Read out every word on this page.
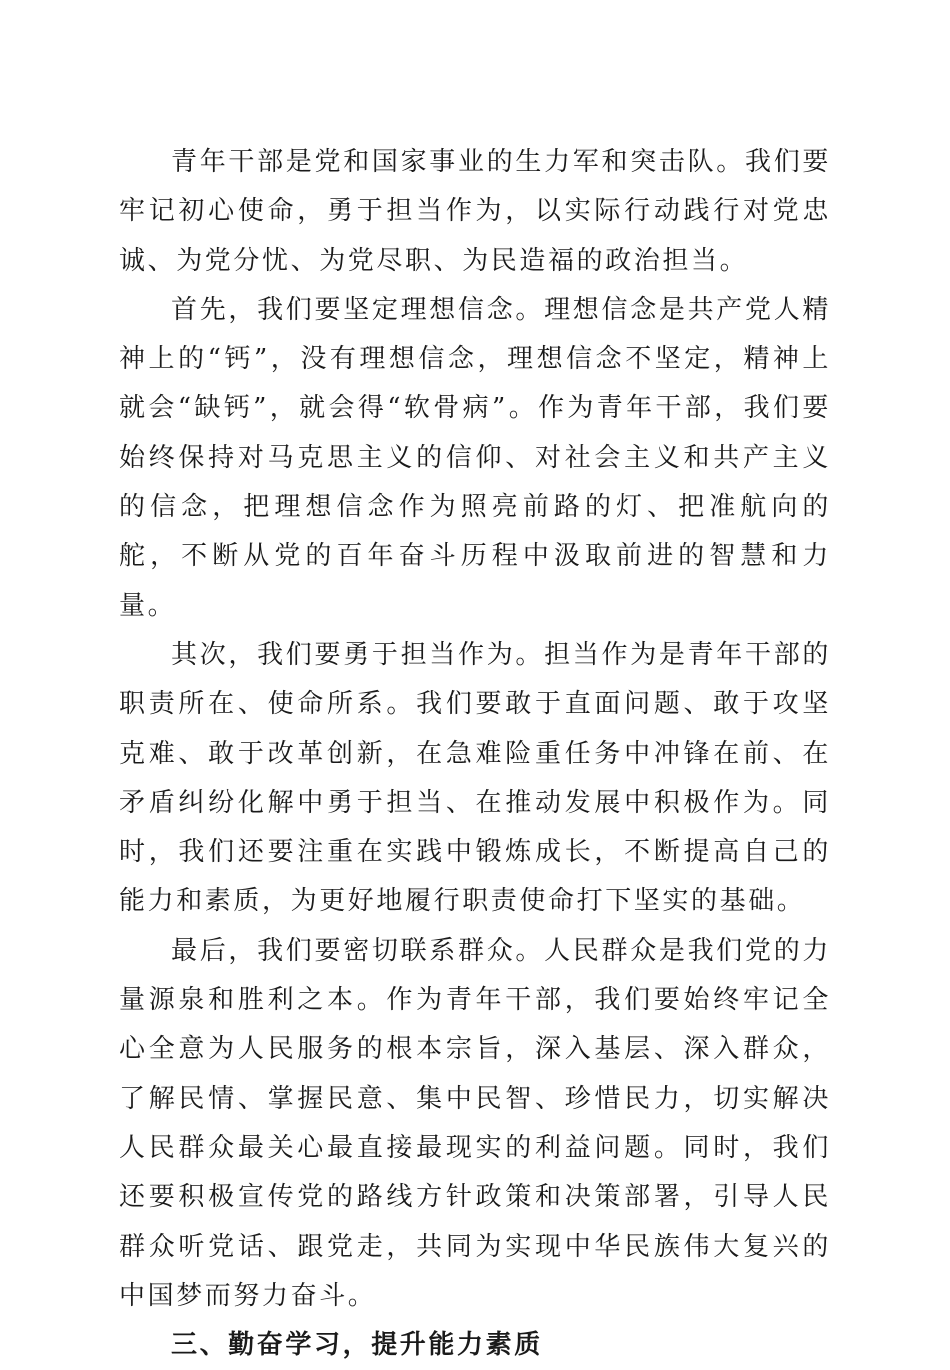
青年干部是党和国家事业的生力军和突击队。我们要牢记初心使命，勇于担当作为，以实际行动践行对党忠诚、为党分忧、为党尽职、为民造福的政治担当。

首先，我们要坚定理想信念。理想信念是共产党人精神上的“钙”，没有理想信念，理想信念不坚定，精神上就会“缺钙”，就会得“软骨病”。作为青年干部，我们要始终保持对马克思主义的信仰、对社会主义和共产主义的信念，把理想信念作为照亮前路的灯、把准航向的舵，不断从党的百年奋斗历程中汲取前进的智慧和力量。

其次，我们要勇于担当作为。担当作为是青年干部的职责所在、使命所系。我们要敢于直面问题、敢于攻坚克难、敢于改革创新，在急难险重任务中冲锋在前、在矛盾纠纷化解中勇于担当、在推动发展中积极作为。同时，我们还要注重在实践中锻炼成长，不断提高自己的能力和素质，为更好地履行职责使命打下坚实的基础。

最后，我们要密切联系群众。人民群众是我们党的力量源泉和胜利之本。作为青年干部，我们要始终牢记全心全意为人民服务的根本宗旨，深入基层、深入群众，了解民情、掌握民意、集中民智、珍惜民力，切实解决人民群众最关心最直接最现实的利益问题。同时，我们还要积极宣传党的路线方针政策和决策部署，引导人民群众听党话、跟党走，共同为实现中华民族伟大复兴的中国梦而努力奋斗。

三、勤奋学习，提升能力素质
